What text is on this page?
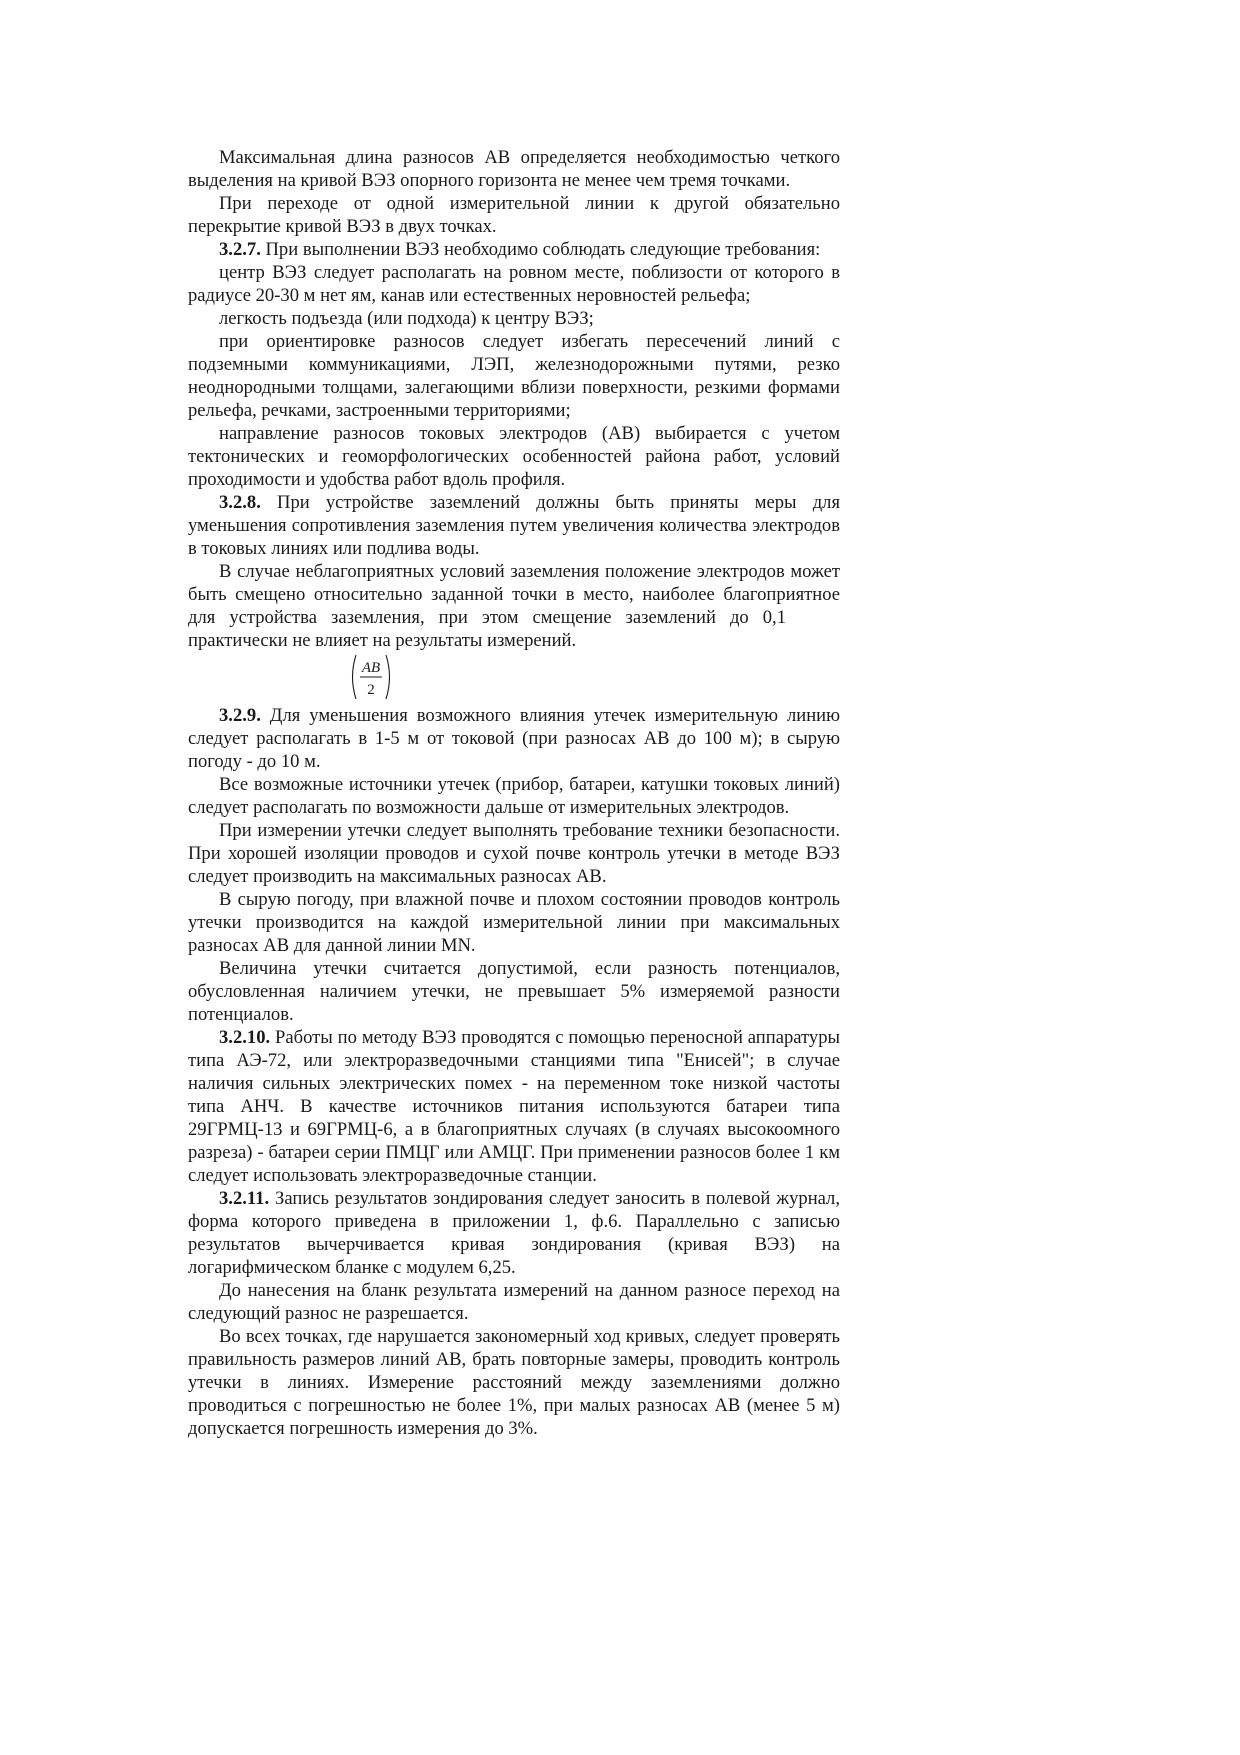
Максимальная длина разносов АВ определяется необходимостью четкого выделения на кривой ВЭЗ опорного горизонта не менее чем тремя точками.

При переходе от одной измерительной линии к другой обязательно перекрытие кривой ВЭЗ в двух точках.

3.2.7. При выполнении ВЭЗ необходимо соблюдать следующие требования:

центр ВЭЗ следует располагать на ровном месте, поблизости от которого в радиусе 20-30 м нет ям, канав или естественных неровностей рельефа;

легкость подъезда (или подхода) к центру ВЭЗ;

при ориентировке разносов следует избегать пересечений линий с подземными коммуникациями, ЛЭП, железнодорожными путями, резко неоднородными толщами, залегающими вблизи поверхности, резкими формами рельефа, речками, застроенными территориями;

направление разносов токовых электродов (АВ) выбирается с учетом тектонических и геоморфологических особенностей района работ, условий проходимости и удобства работ вдоль профиля.

3.2.8. При устройстве заземлений должны быть приняты меры для уменьшения сопротивления заземления путем увеличения количества электродов в токовых линиях или подлива воды.

В случае неблагоприятных условий заземления положение электродов может быть смещено относительно заданной точки в место, наиболее благоприятное для устройства заземления, при этом смещение заземлений до 0,1 практически не влияет на результаты измерений.

AB
2

3.2.9. Для уменьшения возможного влияния утечек измерительную линию следует располагать в 1-5 м от токовой (при разносах АВ до 100 м); в сырую погоду - до 10 м.

Все возможные источники утечек (прибор, батареи, катушки токовых линий) следует располагать по возможности дальше от измерительных электродов.

При измерении утечки следует выполнять требование техники безопасности. При хорошей изоляции проводов и сухой почве контроль утечки в методе ВЭЗ следует производить на максимальных разносах АВ.

В сырую погоду, при влажной почве и плохом состоянии проводов контроль утечки производится на каждой измерительной линии при максимальных разносах АВ для данной линии MN.

Величина утечки считается допустимой, если разность потенциалов, обусловленная наличием утечки, не превышает 5% измеряемой разности потенциалов.

3.2.10. Работы по методу ВЭЗ проводятся с помощью переносной аппаратуры типа АЭ-72, или электроразведочными станциями типа "Енисей"; в случае наличия сильных электрических помех - на переменном токе низкой частоты типа АНЧ. В качестве источников питания используются батареи типа 29ГРМЦ-13 и 69ГРМЦ-6, а в благоприятных случаях (в случаях высокоомного разреза) - батареи серии ПМЦГ или АМЦГ. При применении разносов более 1 км следует использовать электроразведочные станции.

3.2.11. Запись результатов зондирования следует заносить в полевой журнал, форма которого приведена в приложении 1, ф.6. Параллельно с записью результатов вычерчивается кривая зондирования (кривая ВЭЗ) на логарифмическом бланке с модулем 6,25.

До нанесения на бланк результата измерений на данном разносе переход на следующий разнос не разрешается.

Во всех точках, где нарушается закономерный ход кривых, следует проверять правильность размеров линий АВ, брать повторные замеры, проводить контроль утечки в линиях. Измерение расстояний между заземлениями должно проводиться с погрешностью не более 1%, при малых разносах АВ (менее 5 м) допускается погрешность измерения до 3%.
